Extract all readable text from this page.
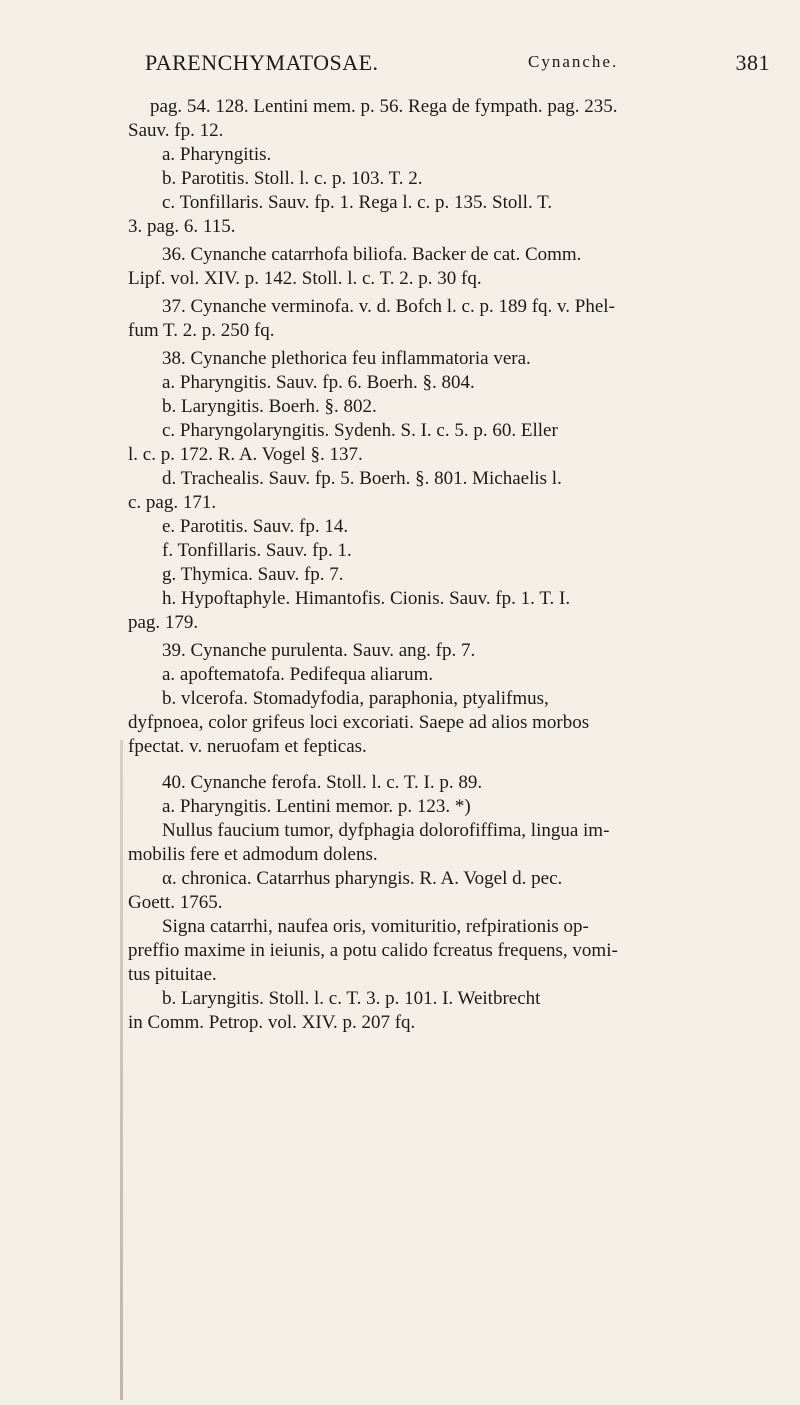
PARENCHYMATOSAE.	Cynanche.	381
pag. 54. 128. Lentini mem. p. 56. Rega de fympath. pag. 235.
Sauv. fp. 12.
a. Pharyngitis.
b. Parotitis. Stoll. l. c. p. 103. T. 2.
c. Tonfillaris. Sauv. fp. 1. Rega l. c. p. 135. Stoll. T.
3. pag. 6. 115.
36. Cynanche catarrhofa biliofa. Backer de cat. Comm.
Lipf. vol. XIV. p. 142. Stoll. l. c. T. 2. p. 30 fq.
37. Cynanche verminofa. v. d. Bofch l. c. p. 189 fq. v. Phel-
fum T. 2. p. 250 fq.
38. Cynanche plethorica feu inflammatoria vera.
a. Pharyngitis. Sauv. fp. 6. Boerh. §. 804.
b. Laryngitis. Boerh. §. 802.
c. Pharyngolaryngitis. Sydenh. S. I. c. 5. p. 60. Eller
l. c. p. 172. R. A. Vogel §. 137.
d. Trachealis. Sauv. fp. 5. Boerh. §. 801. Michaelis l.
c. pag. 171.
e. Parotitis. Sauv. fp. 14.
f. Tonfillaris. Sauv. fp. 1.
g. Thymica. Sauv. fp. 7.
h. Hypoftaphyle. Himantofis. Cionis. Sauv. fp. 1. T. I.
pag. 179.
39. Cynanche purulenta. Sauv. ang. fp. 7.
a. apoftematofa. Pedifequa aliarum.
b. vlcerofa. Stomadyfodia, paraphonia, ptyalifmus,
dyfpnoea, color grifeus loci excoriati. Saepe ad alios morbos
fpectat. v. neruofam et fepticas.
40. Cynanche ferofa. Stoll. l. c. T. I. p. 89.
a. Pharyngitis. Lentini memor. p. 123. *)
Nullus faucium tumor, dyfphagia dolorofiffima, lingua im-
mobilis fere et admodum dolens.
α. chronica. Catarrhus pharyngis. R. A. Vogel d. pec.
Goett. 1765.
Signa catarrhi, naufea oris, vomituritio, refpirationis op-
preffio maxime in ieiunis, a potu calido fcreatus frequens, vomi-
tus pituitae.
b. Laryngitis. Stoll. l. c. T. 3. p. 101. I. Weitbrecht
in Comm. Petrop. vol. XIV. p. 207 fq.
